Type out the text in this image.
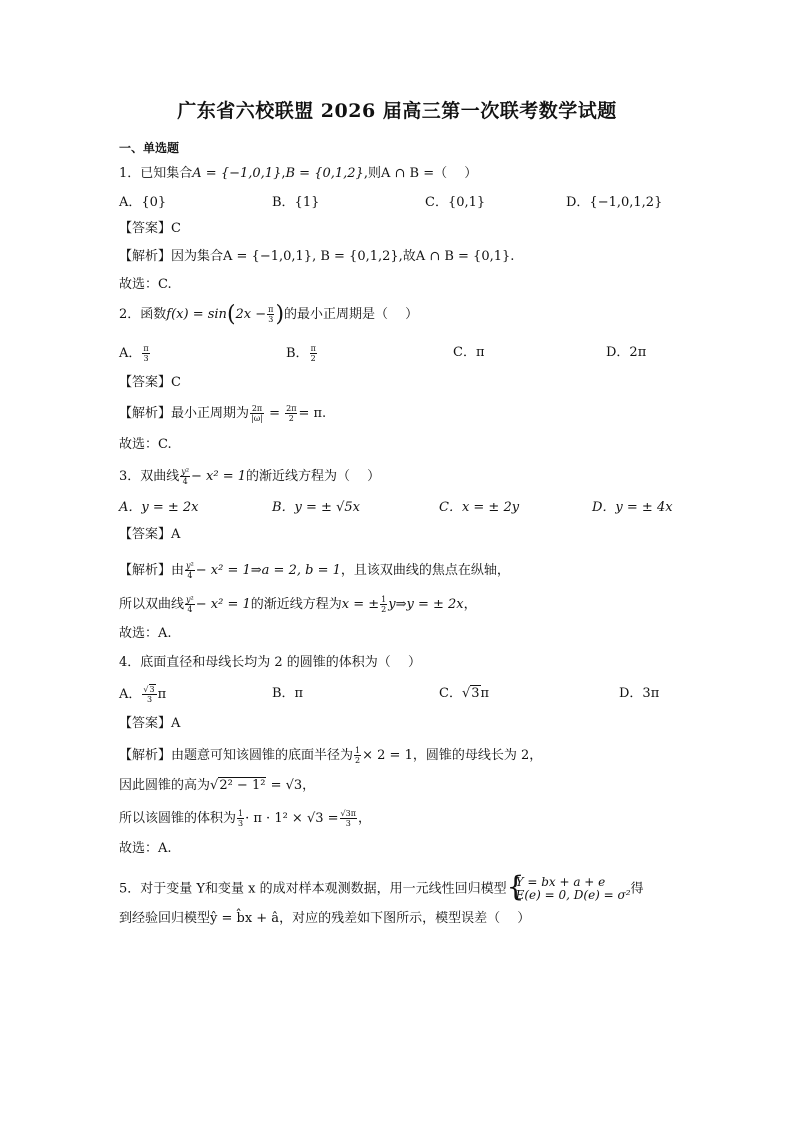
广东省六校联盟 2026 届高三第一次联考数学试题
一、单选题
1．已知集合A = {−1,0,1},B = {0,1,2},则A ∩ B =（　 ）
A．{0}	B．{1}	C．{0,1}	D．{−1,0,1,2}
【答案】C
【解析】因为集合A = {−1,0,1}, B = {0,1,2},故A ∩ B = {0,1}.
故选：C.
2．函数$f(x) = \sin(2x - \frac{\pi}{3}$ )的最小正周期是（　 ）
A． $\frac{\pi}{3}$	B． $\frac{\pi}{2}$	C．π	D．2π
【答案】C
【解析】最小正周期为 $\frac{2\pi}{|\omega|} = \frac{2\pi}{2} = \pi$.
故选：C.
3．双曲线 $\frac{\text{y²}}{4} - x^2 = 1$的渐近线方程为（　 ）
A．y = ± 2x	B．y = ± √5x	C．x = ± 2y	D．y = ± 4x
【答案】A
【解析】由 $\frac{\text{y²}}{4} - x^2$ = 1⇒a = 2, b = 1，且该双曲线的焦点在纵轴，
所以双曲线 $\frac{\text{y²}}{4} - x^2 = 1$的渐近线方程为x = ± $\frac{1}{2}$ y⇒y = ± 2x，
故选：A.
4．底面直径和母线长均为 2 的圆锥的体积为（　 ）
A． $\frac{√3}{3}$ π	B．π	C．√3π	D．3π
【答案】A
【解析】由题意可知该圆锥的底面半径为 $\frac{1}{2} \times 2 = 1$，圆锥的母线长为 2，
因此圆锥的高为√2² − 1² = √3，
所以该圆锥的体积为 $\frac{1}{3} \cdot \pi \cdot 1^2 \times √3 = \frac{√3\pi}{3}$ ，
故选：A.
5．对于变量 Y和变量 x 的成对样本观测数据，用一元线性回归模型 {
Y = bx + a + e
E(e) = 0, D(e) = σ² 得
到经验回归模型ŷ = b̂x + â，对应的残差如下图所示，模型误差（　 ）
